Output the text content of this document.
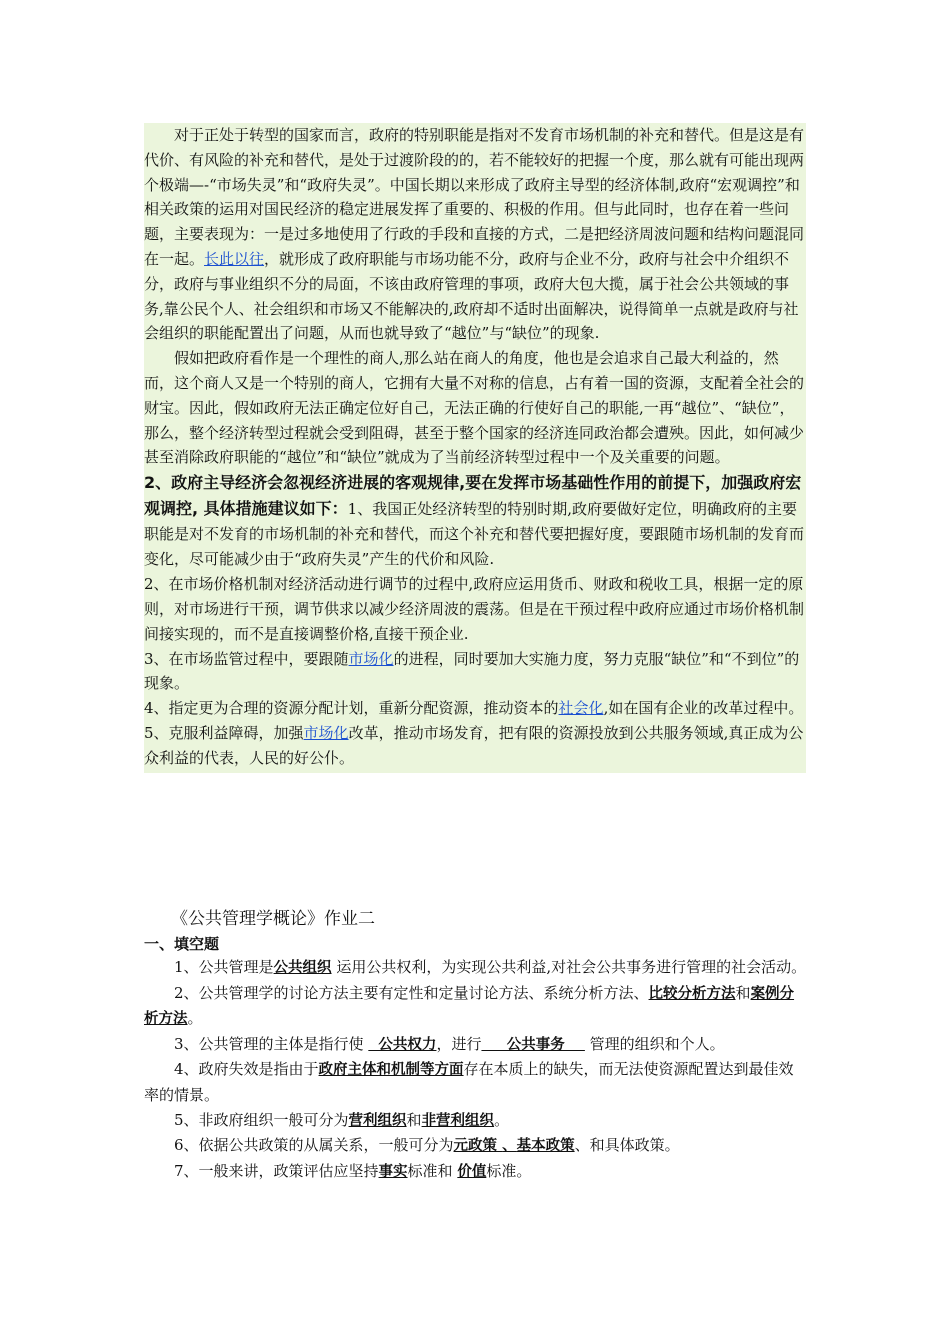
对于正处于转型的国家而言，政府的特别职能是指对不发育市场机制的补充和替代。但是这是有代价、有风险的补充和替代，是处于过渡阶段的的，若不能较好的把握一个度，那么就有可能出现两个极端—-“市场失灵”和“政府失灵”。中国长期以来形成了政府主导型的经济体制,政府“宏观调控”和相关政策的运用对国民经济的稳定进展发挥了重要的、积极的作用。但与此同时，也存在着一些问题，主要表现为：一是过多地使用了行政的手段和直接的方式，二是把经济周波问题和结构问题混同在一起。长此以往，就形成了政府职能与市场功能不分，政府与企业不分，政府与社会中介组织不分，政府与事业组织不分的局面，不该由政府管理的事项，政府大包大揽，属于社会公共领域的事务,靠公民个人、社会组织和市场又不能解决的,政府却不适时出面解决，说得简单一点就是政府与社会组织的职能配置出了问题，从而也就导致了“越位”与“缺位”的现象.

假如把政府看作是一个理性的商人,那么站在商人的角度，他也是会追求自己最大利益的，然而，这个商人又是一个特别的商人，它拥有大量不对称的信息，占有着一国的资源，支配着全社会的财宝。因此，假如政府无法正确定位好自己，无法正确的行使好自己的职能,一再“越位”、“缺位”，那么，整个经济转型过程就会受到阻碍，甚至于整个国家的经济连同政治都会遭殃。因此，如何减少甚至消除政府职能的“越位”和“缺位”就成为了当前经济转型过程中一个及关重要的问题。

2、政府主导经济会忽视经济进展的客观规律,要在发挥市场基础性作用的前提下，加强政府宏观调控, 具体措施建议如下：1、我国正处经济转型的特别时期,政府要做好定位，明确政府的主要职能是对不发育的市场机制的补充和替代，而这个补充和替代要把握好度，要跟随市场机制的发育而变化，尽可能减少由于“政府失灵”产生的代价和风险.

2、在市场价格机制对经济活动进行调节的过程中,政府应运用货币、财政和税收工具，根据一定的原则，对市场进行干预，调节供求以减少经济周波的震荡。但是在干预过程中政府应通过市场价格机制间接实现的，而不是直接调整价格,直接干预企业.

3、在市场监管过程中，要跟随市场化的进程，同时要加大实施力度，努力克服“缺位”和“不到位”的现象。

4、指定更为合理的资源分配计划，重新分配资源，推动资本的社会化,如在国有企业的改革过程中。

5、克服利益障碍，加强市场化改革，推动市场发育，把有限的资源投放到公共服务领域,真正成为公众利益的代表，人民的好公仆。

《公共管理学概论》作业二
一、填空题

1、公共管理是公共组织 运用公共权利，为实现公共利益,对社会公共事务进行管理的社会活动。

2、公共管理学的讨论方法主要有定性和定量讨论方法、系统分析方法、比较分析方法和案例分析方法。

3、公共管理的主体是指行使   公共权力，进行     公共事务     管理的组织和个人。

4、政府失效是指由于政府主体和机制等方面存在本质上的缺失，而无法使资源配置达到最佳效率的情景。

5、非政府组织一般可分为营利组织和非营利组织。

6、依据公共政策的从属关系，一般可分为元政策 、基本政策、和具体政策。

7、一般来讲，政策评估应坚持事实标准和 价值标准。
